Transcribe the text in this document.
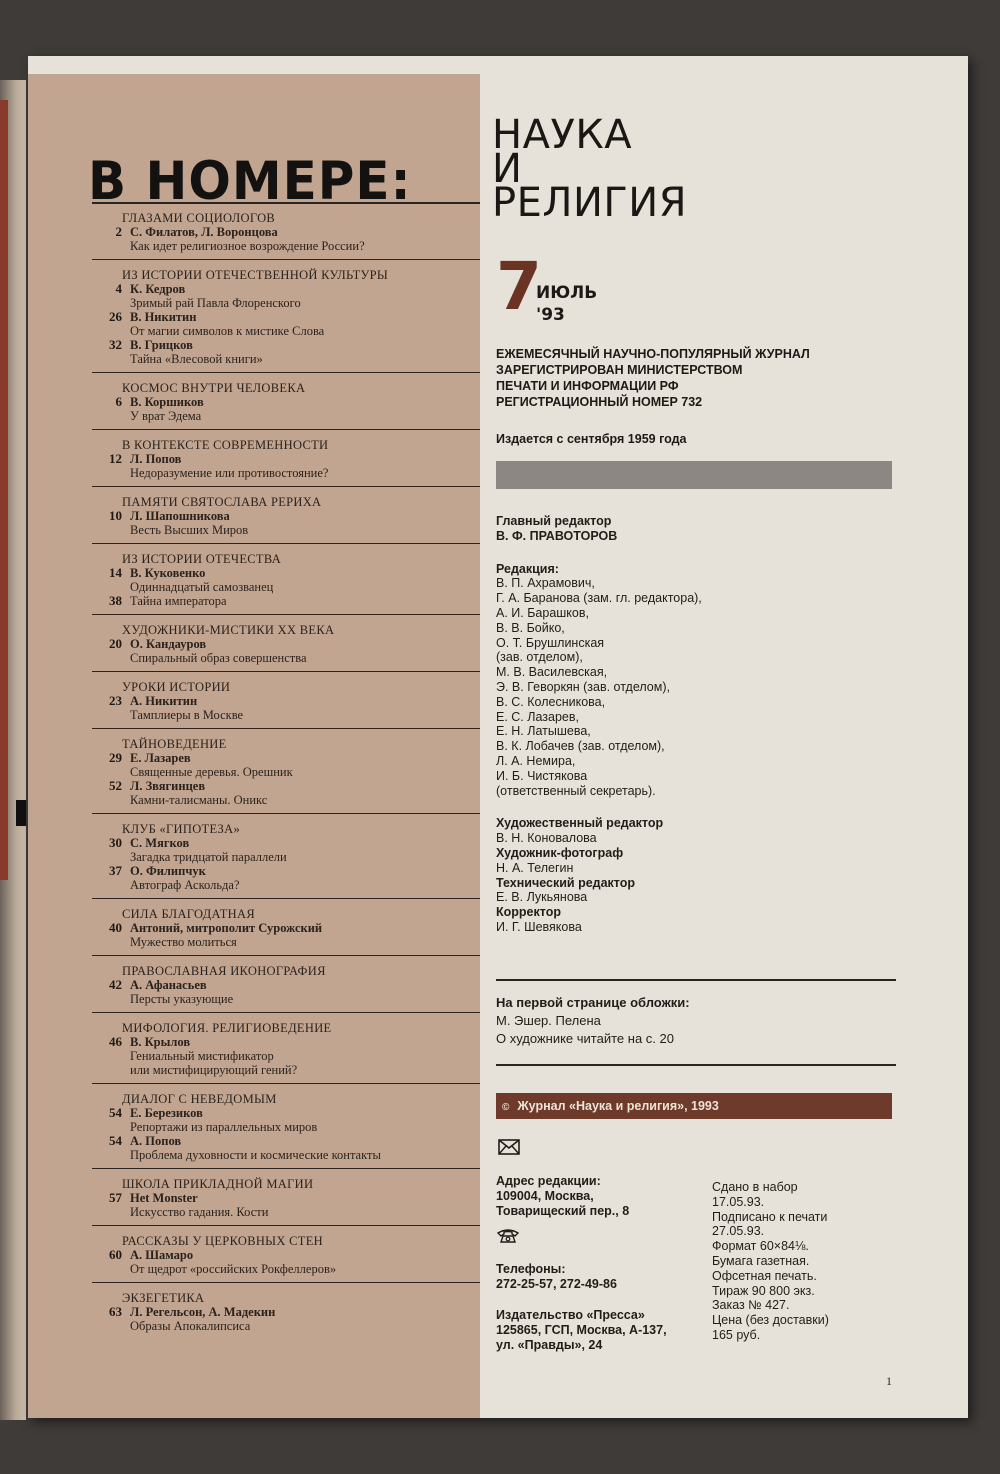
В НОМЕРЕ:
ГЛАЗАМИ СОЦИОЛОГОВ
2 С. Филатов, Л. Воронцова
Как идет религиозное возрождение России?
ИЗ ИСТОРИИ ОТЕЧЕСТВЕННОЙ КУЛЬТУРЫ
4 К. Кедров
Зримый рай Павла Флоренского
26 В. Никитин
От магии символов к мистике Слова
32 В. Грицков
Тайна «Влесовой книги»
КОСМОС ВНУТРИ ЧЕЛОВЕКА
6 В. Коршиков
У врат Эдема
В КОНТЕКСТЕ СОВРЕМЕННОСТИ
12 Л. Попов
Недоразумение или противостояние?
ПАМЯТИ СВЯТОСЛАВА РЕРИХА
10 Л. Шапошникова
Весть Высших Миров
ИЗ ИСТОРИИ ОТЕЧЕСТВА
14 В. Куковенко
Одиннадцатый самозванец
38 Тайна императора
ХУДОЖНИКИ-МИСТИКИ XX ВЕКА
20 О. Кандауров
Спиральный образ совершенства
УРОКИ ИСТОРИИ
23 А. Никитин
Тамплиеры в Москве
ТАЙНОВЕДЕНИЕ
29 Е. Лазарев
Священные деревья. Орешник
52 Л. Звягинцев
Камни-талисманы. Оникс
КЛУБ «ГИПОТЕЗА»
30 С. Мягков
Загадка тридцатой параллели
37 О. Филипчук
Автограф Аскольда?
СИЛА БЛАГОДАТНАЯ
40 Антоний, митрополит Сурожский
Мужество молиться
ПРАВОСЛАВНАЯ ИКОНОГРАФИЯ
42 А. Афанасьев
Персты указующие
МИФОЛОГИЯ. РЕЛИГИОВЕДЕНИЕ
46 В. Крылов
Гениальный мистификатор
или мистифицирующий гений?
ДИАЛОГ С НЕВЕДОМЫМ
54 Е. Березиков
Репортажи из параллельных миров
54 А. Попов
Проблема духовности и космические контакты
ШКОЛА ПРИКЛАДНОЙ МАГИИ
57 Het Monster
Искусство гадания. Кости
РАССКАЗЫ У ЦЕРКОВНЫХ СТЕН
60 А. Шамаро
От щедрот «российских Рокфеллеров»
ЭКЗЕГЕТИКА
63 Л. Регельсон, А. Мадекин
Образы Апокалипсиса
НАУКА
И
РЕЛИГИЯ
7
ИЮЛЬ
'93
ЕЖЕМЕСЯЧНЫЙ НАУЧНО-ПОПУЛЯРНЫЙ ЖУРНАЛ
ЗАРЕГИСТРИРОВАН МИНИСТЕРСТВОМ
ПЕЧАТИ И ИНФОРМАЦИИ РФ
РЕГИСТРАЦИОННЫЙ НОМЕР 732
Издается с сентября 1959 года
Главный редактор
В. Ф. ПРАВОТОРОВ
Редакция:
В. П. Ахрамович,
Г. А. Баранова (зам. гл. редактора),
А. И. Барашков,
В. В. Бойко,
О. Т. Брушлинская
(зав. отделом),
М. В. Василевская,
Э. В. Геворкян (зав. отделом),
В. С. Колесникова,
Е. С. Лазарев,
Е. Н. Латышева,
В. К. Лобачев (зав. отделом),
Л. А. Немира,
И. Б. Чистякова
(ответственный секретарь).
Художественный редактор
В. Н. Коновалова
Художник-фотограф
Н. А. Телегин
Технический редактор
Е. В. Лукьянова
Корректор
И. Г. Шевякова
На первой странице обложки:
М. Эшер. Пелена
О художнике читайте на с. 20
© Журнал «Наука и религия», 1993
Адрес редакции:
109004, Москва,
Товарищеский пер., 8
Телефоны:
272-25-57, 272-49-86
Издательство «Пресса»
125865, ГСП, Москва, А-137,
ул. «Правды», 24
Сдано в набор
17.05.93.
Подписано к печати
27.05.93.
Формат 60×84⅛.
Бумага газетная.
Офсетная печать.
Тираж 90 800 экз.
Заказ № 427.
Цена (без доставки)
165 руб.
1
